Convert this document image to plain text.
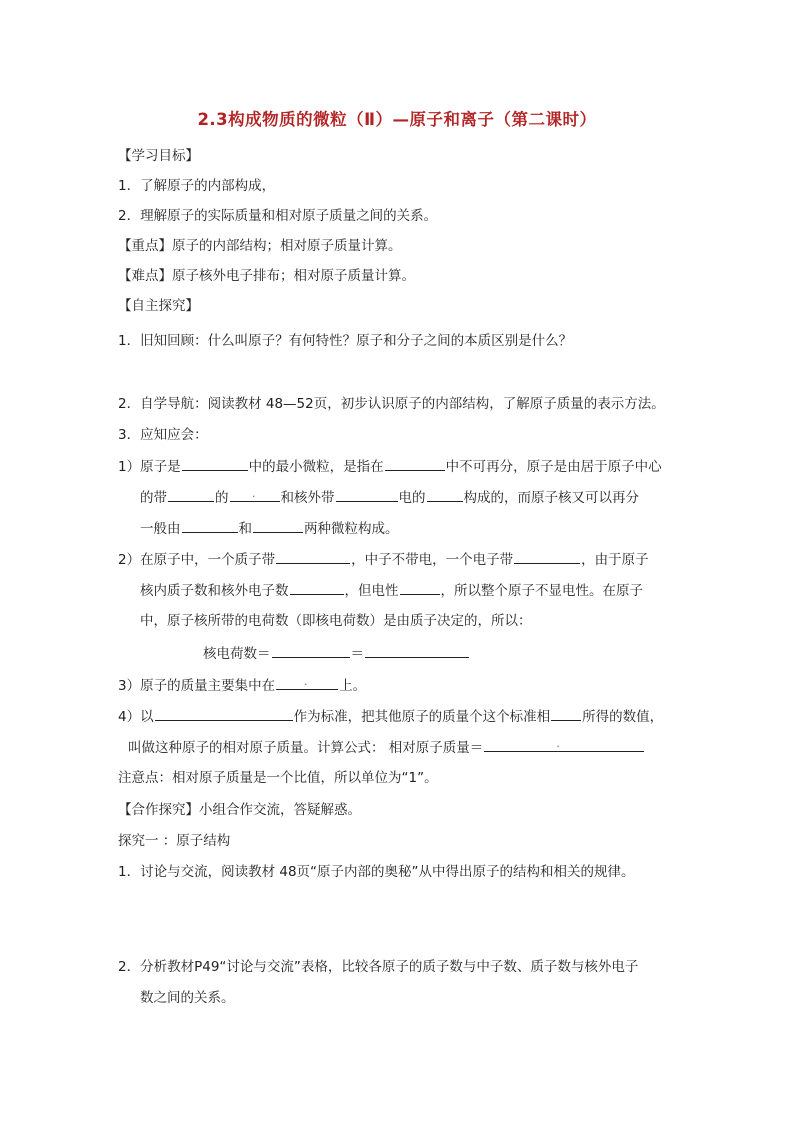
2.3构成物质的微粒（Ⅱ）—原子和离子（第二课时）
【学习目标】
1．了解原子的内部构成，
2．理解原子的实际质量和相对原子质量之间的关系。
【重点】原子的内部结构；相对原子质量计算。
【难点】原子核外电子排布；相对原子质量计算。
【自主探究】
1．旧知回顾：什么叫原子？有何特性？原子和分子之间的本质区别是什么？
2．自学导航：阅读教材 48—52页，初步认识原子的内部结构，了解原子质量的表示方法。
3．应知应会：
1）原子是	中的最小微粒，是指在	中不可再分，原子是由居于原子中心
的带	的 .	和核外带	电的	构成的，而原子核又可以再分
一般由	和	两种微粒构成。
2）在原子中，一个质子带	，中子不带电，一个电子带	，由于原子
核内质子数和核外电子数	，但电性	，所以整个原子不显电性。在原子
中，原子核所带的电荷数（即核电荷数）是由质子决定的，所以：
核电荷数＝	＝
3）原子的质量主要集中在 .	上。
4）以	作为标准，把其他原子的质量个这个标准相 所得的数值，
叫做这种原子的相对原子质量。计算公式： 相对原子质量＝.
注意点：相对原子质量是一个比值，所以单位为“1”。
【合作探究】小组合作交流，答疑解惑。
探究一 ：原子结构
1．讨论与交流，阅读教材 48页“原子内部的奥秘”从中得出原子的结构和相关的规律。
2．分析教材P49“讨论与交流”表格，比较各原子的质子数与中子数、质子数与核外电子
数之间的关系。
